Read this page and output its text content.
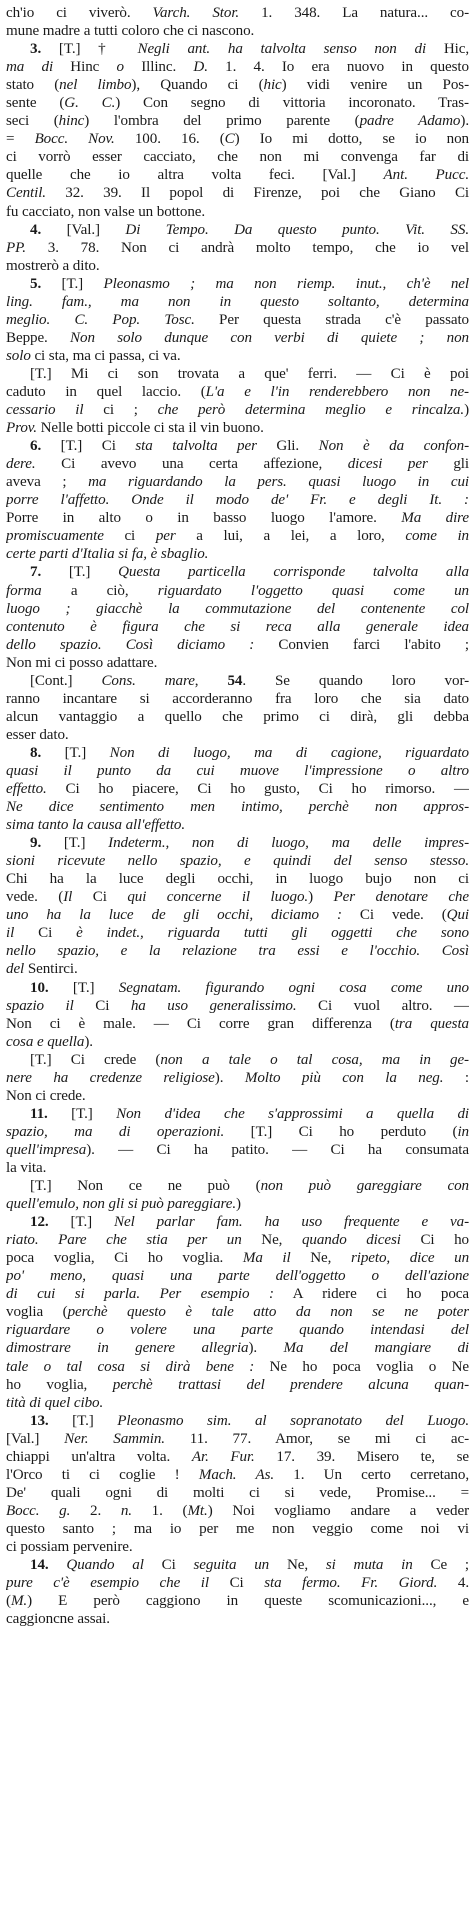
ch'io ci viverò. Varch. Stor. 1. 348. La natura... co-
mune madre a tutti coloro che ci nascono.
3. [T.] † Negli ant. ha talvolta senso non di Hic,
ma di Hinc o Illinc. D. 1. 4. Io era nuovo in questo
stato (nel limbo), Quando ci (hic) vidi venire un Pos-
sente (G. C.) Con segno di vittoria incoronato. Tras-
seci (hinc) l'ombra del primo parente (padre Adamo).
= Bocc. Nov. 100. 16. (C) Io mi dotto, se io non
ci vorrò esser cacciato, che non mi convenga far di
quelle che io altra volta feci. [Val.] Ant. Pucc.
Centil. 32. 39. Il popol di Firenze, poi che Giano Ci
fu cacciato, non valse un bottone.
4. [Val.] Di Tempo. Da questo punto. Vit. SS.
PP. 3. 78. Non ci andrà molto tempo, che io vel
mostrerò a dito.
5. [T.] Pleonasmo ; ma non riemp. inut., ch'è nel
ling. fam., ma non in questo soltanto, determina
meglio. C. Pop. Tosc. Per questa strada c'è passato
Beppe. Non solo dunque con verbi di quiete ; non
solo ci sta, ma ci passa, ci va.
[T.] Mi ci son trovata a que' ferri. — Ci è poi
caduto in quel laccio. (L'a e l'in renderebbero non ne-
cessario il ci ; che però determina meglio e rincalza.)
Prov. Nelle botti piccole ci sta il vin buono.
6. [T.] Ci sta talvolta per Gli. Non è da confon-
dere. Ci avevo una certa affezione, dicesi per gli
aveva ; ma riguardando la pers. quasi luogo in cui
porre l'affetto. Onde il modo de' Fr. e degli It. :
Porre in alto o in basso luogo l'amore. Ma dire
promiscuamente ci per a lui, a lei, a loro, come in
certe parti d'Italia si fa, è sbaglio.
7. [T.] Questa particella corrisponde talvolta alla
forma a ciò, riguardato l'oggetto quasi come un
luogo ; giacchè la commutazione del contenente col
contenuto è figura che si reca alla generale idea
dello spazio. Così diciamo : Convien farci l'abito ;
Non mi ci posso adattare.
[Cont.] Cons. mare, 54. Se quando loro vor-
ranno incantare si accorderanno fra loro che sia dato
alcun vantaggio a quello che primo ci dirà, gli debba
esser dato.
8. [T.] Non di luogo, ma di cagione, riguardato
quasi il punto da cui muove l'impressione o altro
effetto. Ci ho piacere, Ci ho gusto, Ci ho rimorso. —
Ne dice sentimento men intimo, perchè non appros-
sima tanto la causa all'effetto.
9. [T.] Indeterm., non di luogo, ma delle impres-
sioni ricevute nello spazio, e quindi del senso stesso.
Chi ha la luce degli occhi, in luogo bujo non ci
vede. (Il Ci qui concerne il luogo.) Per denotare che
uno ha la luce de gli occhi, diciamo : Ci vede. (Qui
il Ci è indet., riguarda tutti gli oggetti che sono
nello spazio, e la relazione tra essi e l'occhio. Così
del Sentirci.
10. [T.] Segnatam. figurando ogni cosa come uno
spazio il Ci ha uso generalissimo. Ci vuol altro. —
Non ci è male. — Ci corre gran differenza (tra questa
cosa e quella).
[T.] Ci crede (non a tale o tal cosa, ma in ge-
nere ha credenze religiose). Molto più con la neg. :
Non ci crede.
11. [T.] Non d'idea che s'approssimi a quella di
spazio, ma di operazioni. [T.] Ci ho perduto (in
quell'impresa). — Ci ha patito. — Ci ha consumata
la vita.
[T.] Non ce ne può (non può gareggiare con
quell'emulo, non gli si può pareggiare.)
12. [T.] Nel parlar fam. ha uso frequente e va-
riato. Pare che stia per un Ne, quando dicesi Ci ho
poca voglia, Ci ho voglia. Ma il Ne, ripeto, dice un
po' meno, quasi una parte dell'oggetto o dell'azione
di cui si parla. Per esempio : A ridere ci ho poca
voglia (perchè questo è tale atto da non se ne poter
riguardare o volere una parte quando intendasi del
dimostrare in genere allegria). Ma del mangiare di
tale o tal cosa si dirà bene : Ne ho poca voglia o Ne
ho voglia, perchè trattasi del prendere alcuna quan-
tità di quel cibo.
13. [T.] Pleonasmo sim. al sopranotato del Luogo.
[Val.] Ner. Sammin. 11. 77. Amor, se mi ci ac-
chiappi un'altra volta. Ar. Fur. 17. 39. Misero te, se
l'Orco ti ci coglie ! Mach. As. 1. Un certo cerretano,
De' quali ogni di molti ci si vede, Promise... =
Bocc. g. 2. n. 1. (Mt.) Noi vogliamo andare a veder
questo santo ; ma io per me non veggio come noi vi
ci possiam pervenire.
14. Quando al Ci seguita un Ne, si muta in Ce ;
pure c'è esempio che il Ci sta fermo. Fr. Giord. 4.
(M.) E però caggiono in queste scomunicazioni..., e
caggioncne assai.
